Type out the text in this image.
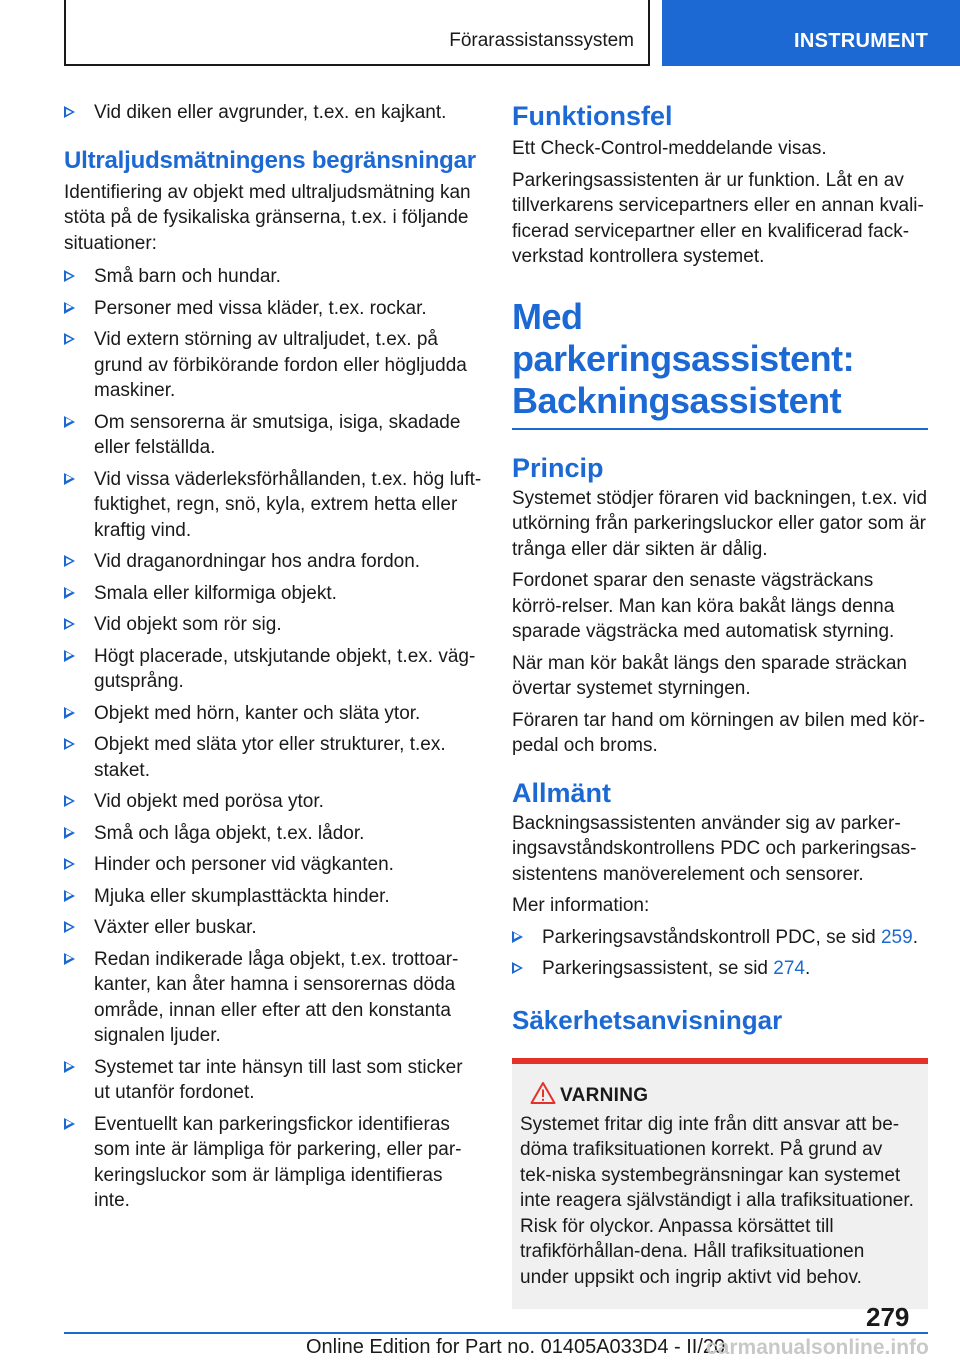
Förarassistanssystem	INSTRUMENT
Vid diken eller avgrunder, t.ex. en kajkant.
Ultraljudsmätningens begränsningar
Identifiering av objekt med ultraljudsmätning kan stöta på de fysikaliska gränserna, t.ex. i följande situationer:
Små barn och hundar.
Personer med vissa kläder, t.ex. rockar.
Vid extern störning av ultraljudet, t.ex. på grund av förbikörande fordon eller högljudda maskiner.
Om sensorerna är smutsiga, isiga, skadade eller felställda.
Vid vissa väderleksförhållanden, t.ex. hög luft-fuktighet, regn, snö, kyla, extrem hetta eller kraftig vind.
Vid draganordningar hos andra fordon.
Smala eller kilformiga objekt.
Vid objekt som rör sig.
Högt placerade, utskjutande objekt, t.ex. väg-gutsprång.
Objekt med hörn, kanter och släta ytor.
Objekt med släta ytor eller strukturer, t.ex. staket.
Vid objekt med porösa ytor.
Små och låga objekt, t.ex. lådor.
Hinder och personer vid vägkanten.
Mjuka eller skumplasttäckta hinder.
Växter eller buskar.
Redan indikerade låga objekt, t.ex. trottoar-kanter, kan åter hamna i sensorernas döda område, innan eller efter att den konstanta signalen ljuder.
Systemet tar inte hänsyn till last som sticker ut utanför fordonet.
Eventuellt kan parkeringsfickor identifieras som inte är lämpliga för parkering, eller par-keringsluckor som är lämpliga identifieras inte.
Funktionsfel
Ett Check-Control-meddelande visas.
Parkeringsassistenten är ur funktion. Låt en av tillverkarens servicepartners eller en annan kvali-ficerad servicepartner eller en kvalificerad fack-verkstad kontrollera systemet.
Med parkeringsassistent: Backningsassistent
Princip
Systemet stödjer föraren vid backningen, t.ex. vid utkörning från parkeringsluckor eller gator som är trånga eller där sikten är dålig.
Fordonet sparar den senaste vägsträckans körrö-relser. Man kan köra bakåt längs denna sparade vägsträcka med automatisk styrning.
När man kör bakåt längs den sparade sträckan övertar systemet styrningen.
Föraren tar hand om körningen av bilen med kör-pedal och broms.
Allmänt
Backningsassistenten använder sig av parker-ingsavståndskontrollens PDC och parkeringsas-sistentens manöverelement och sensorer.
Mer information:
Parkeringsavståndskontroll PDC, se sid 259.
Parkeringsassistent, se sid 274.
Säkerhetsanvisningar
VARNING
Systemet fritar dig inte från ditt ansvar att be-döma trafiksituationen korrekt. På grund av tek-niska systembegränsningar kan systemet inte reagera självständigt i alla trafiksituationer. Risk för olyckor. Anpassa körsättet till trafikförhållan-dena. Håll trafiksituationen under uppsikt och ingrip aktivt vid behov.
279
Online Edition for Part no. 01405A033D4 - II/20
carmanualsonline.info
